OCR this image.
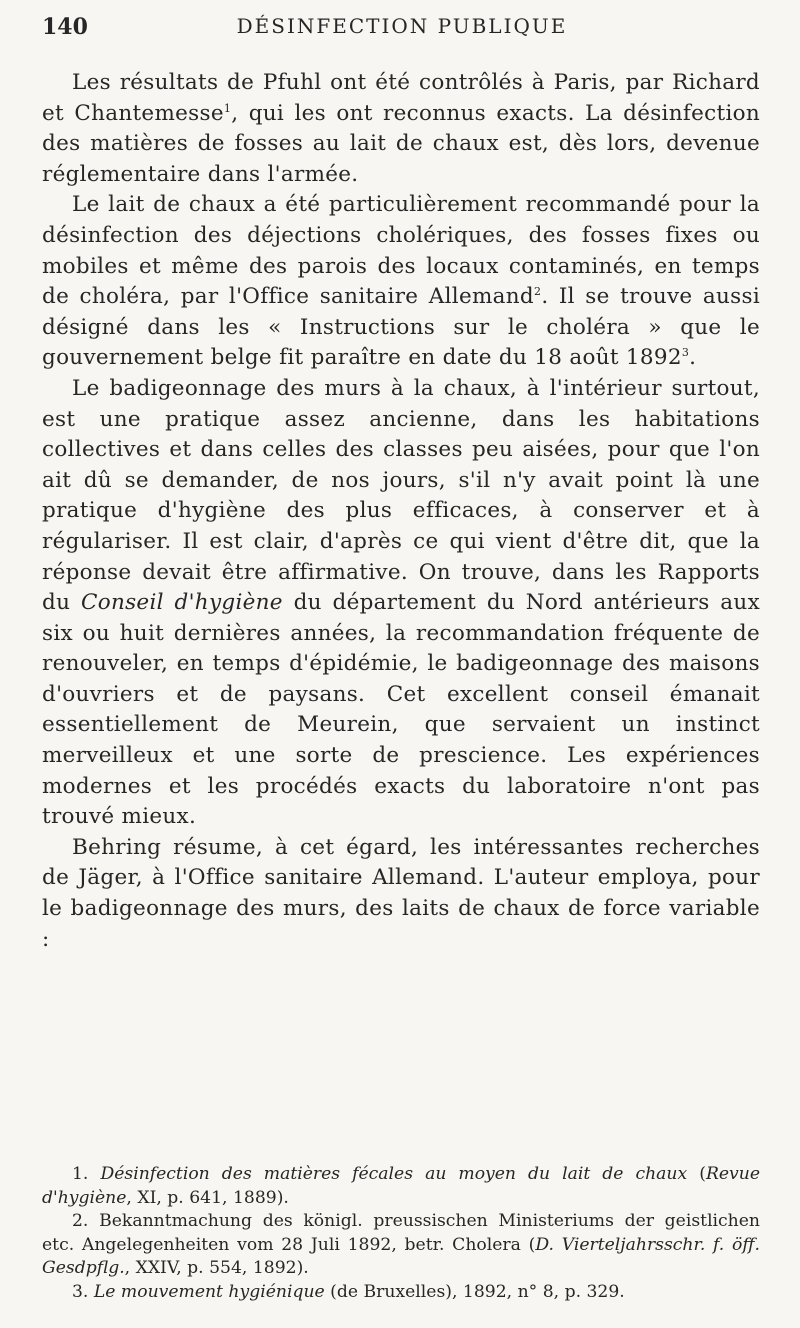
140	DÉSINFECTION PUBLIQUE

Les résultats de Pfuhl ont été contrôlés à Paris, par Richard et Chantemesse$^1$, qui les ont reconnus exacts. La désinfection des matières de fosses au lait de chaux est, dès lors, devenue réglementaire dans l'armée.

Le lait de chaux a été particulièrement recommandé pour la désinfection des déjections cholériques, des fosses fixes ou mobiles et même des parois des locaux contaminés, en temps de choléra, par l'Office sanitaire Allemand$^2$. Il se trouve aussi désigné dans les « Instructions sur le choléra » que le gouvernement belge fit paraître en date du 18 août 1892$^3$.

Le badigeonnage des murs à la chaux, à l'intérieur surtout, est une pratique assez ancienne, dans les habitations collectives et dans celles des classes peu aisées, pour que l'on ait dû se demander, de nos jours, s'il n'y avait point là une pratique d'hygiène des plus efficaces, à conserver et à régulariser. Il est clair, d'après ce qui vient d'être dit, que la réponse devait être affirmative. On trouve, dans les Rapports du Conseil d'hygiène du département du Nord antérieurs aux six ou huit dernières années, la recommandation fréquente de renouveler, en temps d'épidémie, le badigeonnage des maisons d'ouvriers et de paysans. Cet excellent conseil émanait essentiellement de Meurein, que servaient un instinct merveilleux et une sorte de prescience. Les expériences modernes et les procédés exacts du laboratoire n'ont pas trouvé mieux.

Behring résume, à cet égard, les intéressantes recherches de Jäger, à l'Office sanitaire Allemand. L'auteur employa, pour le badigeonnage des murs, des laits de chaux de force variable :

1. Désinfection des matières fécales au moyen du lait de chaux (Revue d'hygiène, XI, p. 641, 1889).

2. Bekanntmachung des königl. preussischen Ministeriums der geistlichen etc. Angelegenheiten vom 28 Juli 1892, betr. Cholera (D. Vierteljahrsschr. f. öff. Gesdpflg., XXIV, p. 554, 1892).

3. Le mouvement hygiénique (de Bruxelles), 1892, n° 8, p. 329.
